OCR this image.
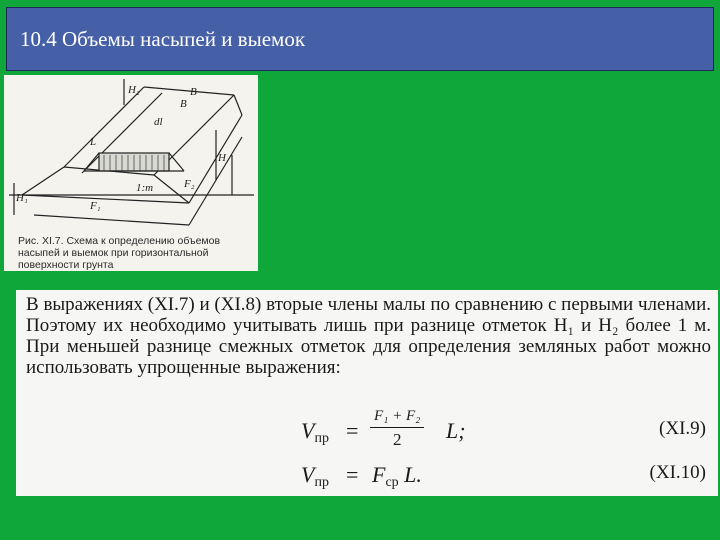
10.4 Объемы насыпей и выемок
H₂	B
B
dl
L
H
1:m
H₁
F₁
F₂

Рис. XI.7. Схема к определению объемов насыпей и выемок при горизонтальной поверхности грунта

В выражениях (XI.7) и (XI.8) вторые члены малы по сравнению с первыми членами. Поэтому их необходимо учитывать лишь при разнице отметок H₁ и H₂ более 1 м. При меньшей разнице смежных отметок для определения земляных работ можно использовать упрощенные выражения:

Vпр =
F₁ + F₂
2	L;	(XI.9)
Vпр = Fср L.	(XI.10)
